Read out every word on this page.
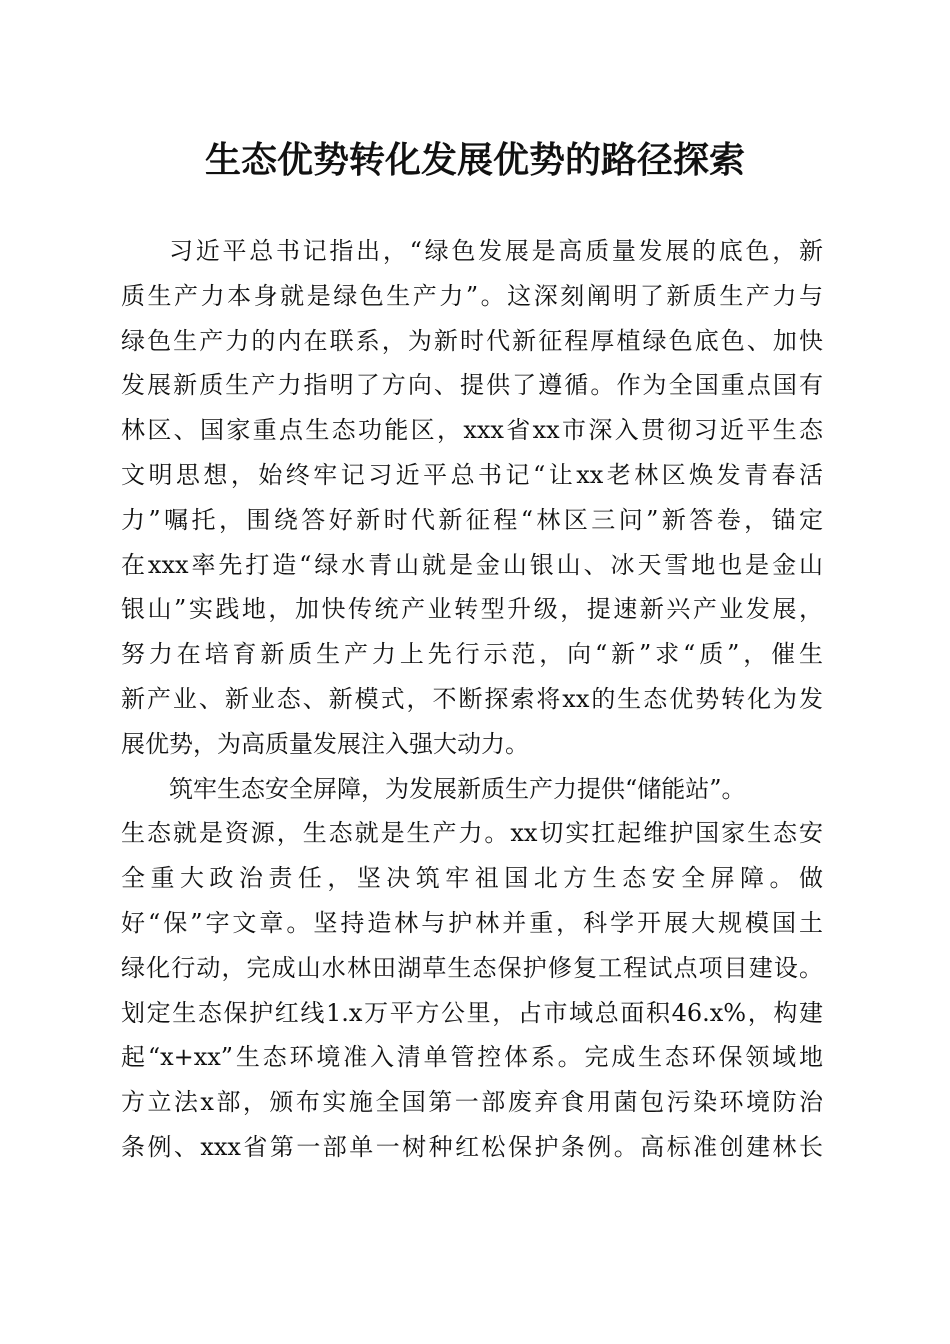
生态优势转化发展优势的路径探索
习近平总书记指出，“绿色发展是高质量发展的底色，新
质生产力本身就是绿色生产力”。这深刻阐明了新质生产力与
绿色生产力的内在联系，为新时代新征程厚植绿色底色、加快
发展新质生产力指明了方向、提供了遵循。作为全国重点国有
林区、国家重点生态功能区，xxx省xx市深入贯彻习近平生态
文明思想，始终牢记习近平总书记“让xx老林区焕发青春活
力”嘱托，围绕答好新时代新征程“林区三问”新答卷，锚定
在xxx率先打造“绿水青山就是金山银山、冰天雪地也是金山
银山”实践地，加快传统产业转型升级，提速新兴产业发展，
努力在培育新质生产力上先行示范，向“新”求“质”，催生
新产业、新业态、新模式，不断探索将xx的生态优势转化为发
展优势，为高质量发展注入强大动力。
筑牢生态安全屏障，为发展新质生产力提供“储能站”。
生态就是资源，生态就是生产力。xx切实扛起维护国家生态安
全重大政治责任，坚决筑牢祖国北方生态安全屏障。做
好“保”字文章。坚持造林与护林并重，科学开展大规模国土
绿化行动，完成山水林田湖草生态保护修复工程试点项目建设。
划定生态保护红线1.x万平方公里，占市域总面积46.x%，构建
起“x+xx”生态环境准入清单管控体系。完成生态环保领域地
方立法x部，颁布实施全国第一部废弃食用菌包污染环境防治
条例、xxx省第一部单一树种红松保护条例。高标准创建林长
